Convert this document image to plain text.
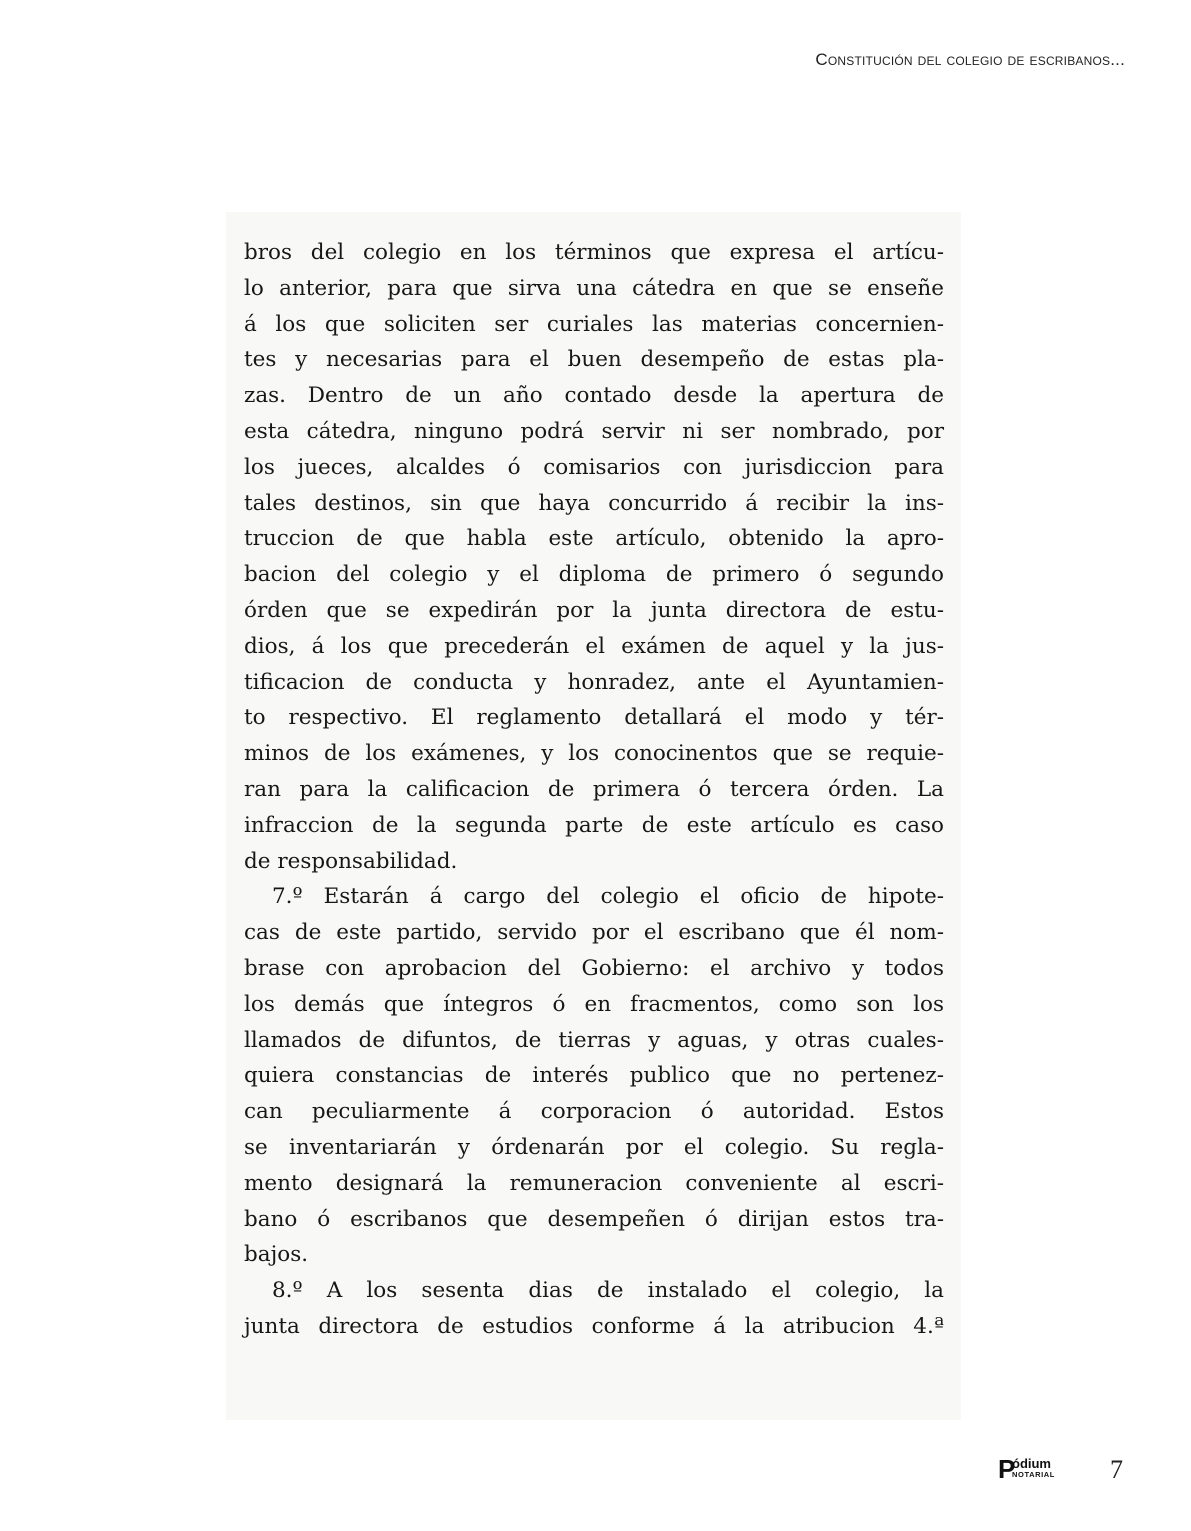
Constitución del colegio de escribanos...
bros del colegio en los términos que expresa el artícu-
lo anterior, para que sirva una cátedra en que se enseñe
á los que soliciten ser curiales las materias concernien-
tes y necesarias para el buen desempeño de estas pla-
zas. Dentro de un año contado desde la apertura de
esta cátedra, ninguno podrá servir ni ser nombrado, por
los jueces, alcaldes ó comisarios con jurisdiccion para
tales destinos, sin que haya concurrido á recibir la ins-
truccion de que habla este artículo, obtenido la apro-
bacion del colegio y el diploma de primero ó segundo
órden que se expedirán por la junta directora de estu-
dios, á los que precederán el exámen de aquel y la jus-
tificacion de conducta y honradez, ante el Ayuntamien-
to respectivo. El reglamento detallará el modo y tér-
minos de los exámenes, y los conocinentos que se requie-
ran para la calificacion de primera ó tercera órden. La
infraccion de la segunda parte de este artículo es caso
de responsabilidad.
7.º Estarán á cargo del colegio el oficio de hipote-
cas de este partido, servido por el escribano que él nom-
brase con aprobacion del Gobierno: el archivo y todos
los demás que íntegros ó en fracmentos, como son los
llamados de difuntos, de tierras y aguas, y otras cuales-
quiera constancias de interés publico que no pertenez-
can peculiarmente á corporacion ó autoridad. Estos
se inventariarán y órdenarán por el colegio. Su regla-
mento designará la remuneracion conveniente al escri-
bano ó escribanos que desempeñen ó dirijan estos tra-
bajos.
8.º A los sesenta dias de instalado el colegio, la
junta directora de estudios conforme á la atribucion 4.ª
P
ódium
NOTARIAL 7
